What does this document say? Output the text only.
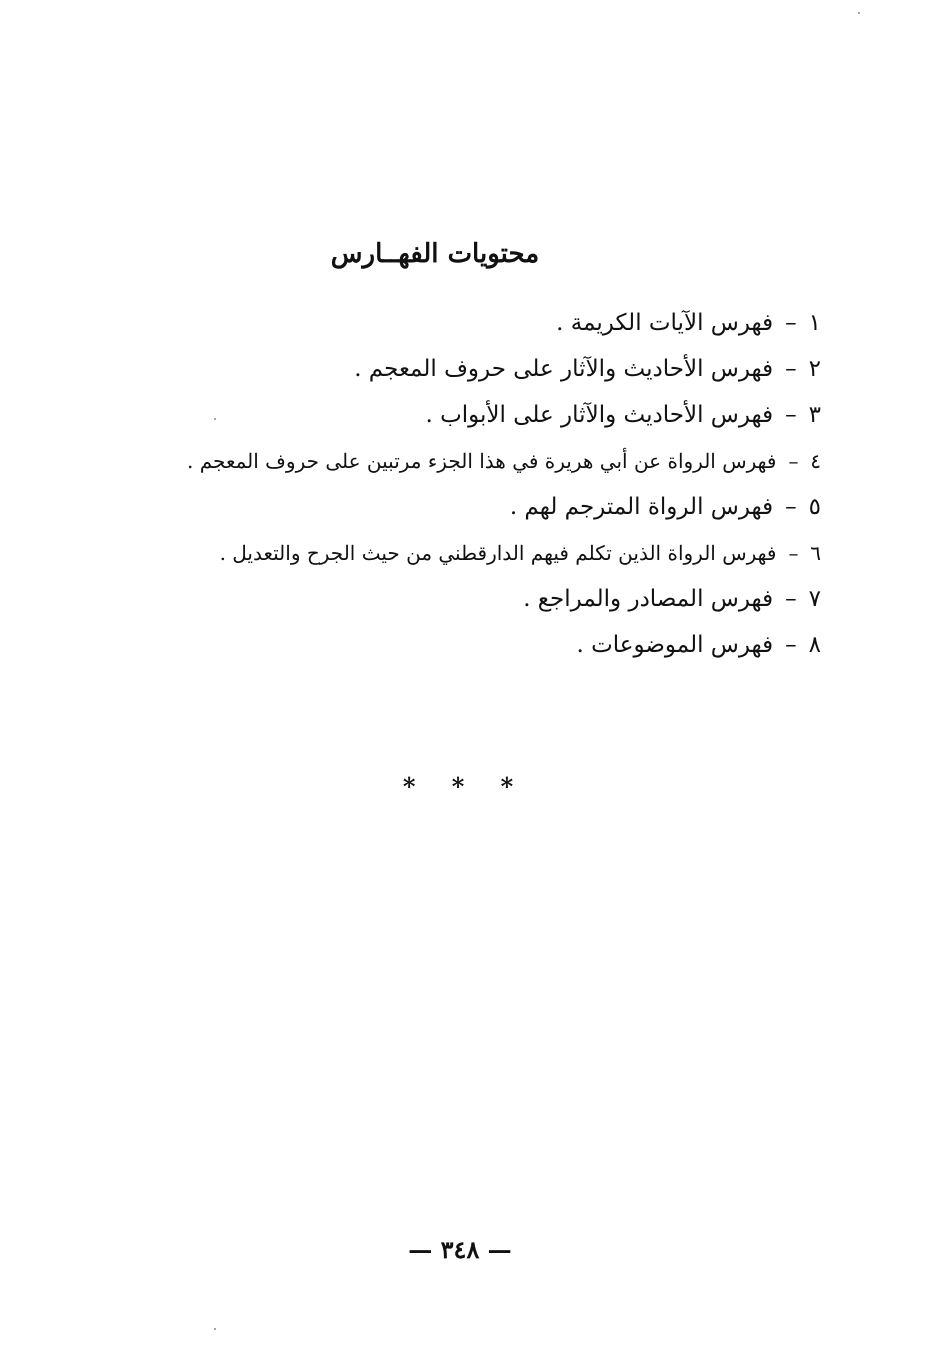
محتويات الفهــارس
١–فهرس الآيات الكريمة .
٢–فهرس الأحاديث والآثار على حروف المعجم .
٣–فهرس الأحاديث والآثار على الأبواب .
٤–فهرس الرواة عن أبي هريرة في هذا الجزء مرتبين على حروف المعجم .
٥–فهرس الرواة المترجم لهم .
٦–فهرس الرواة الذين تكلم فيهم الدارقطني من حيث الجرح والتعديل .
٧–فهرس المصادر والمراجع .
٨–فهرس الموضوعات .
* * *
— ٣٤٨ —
